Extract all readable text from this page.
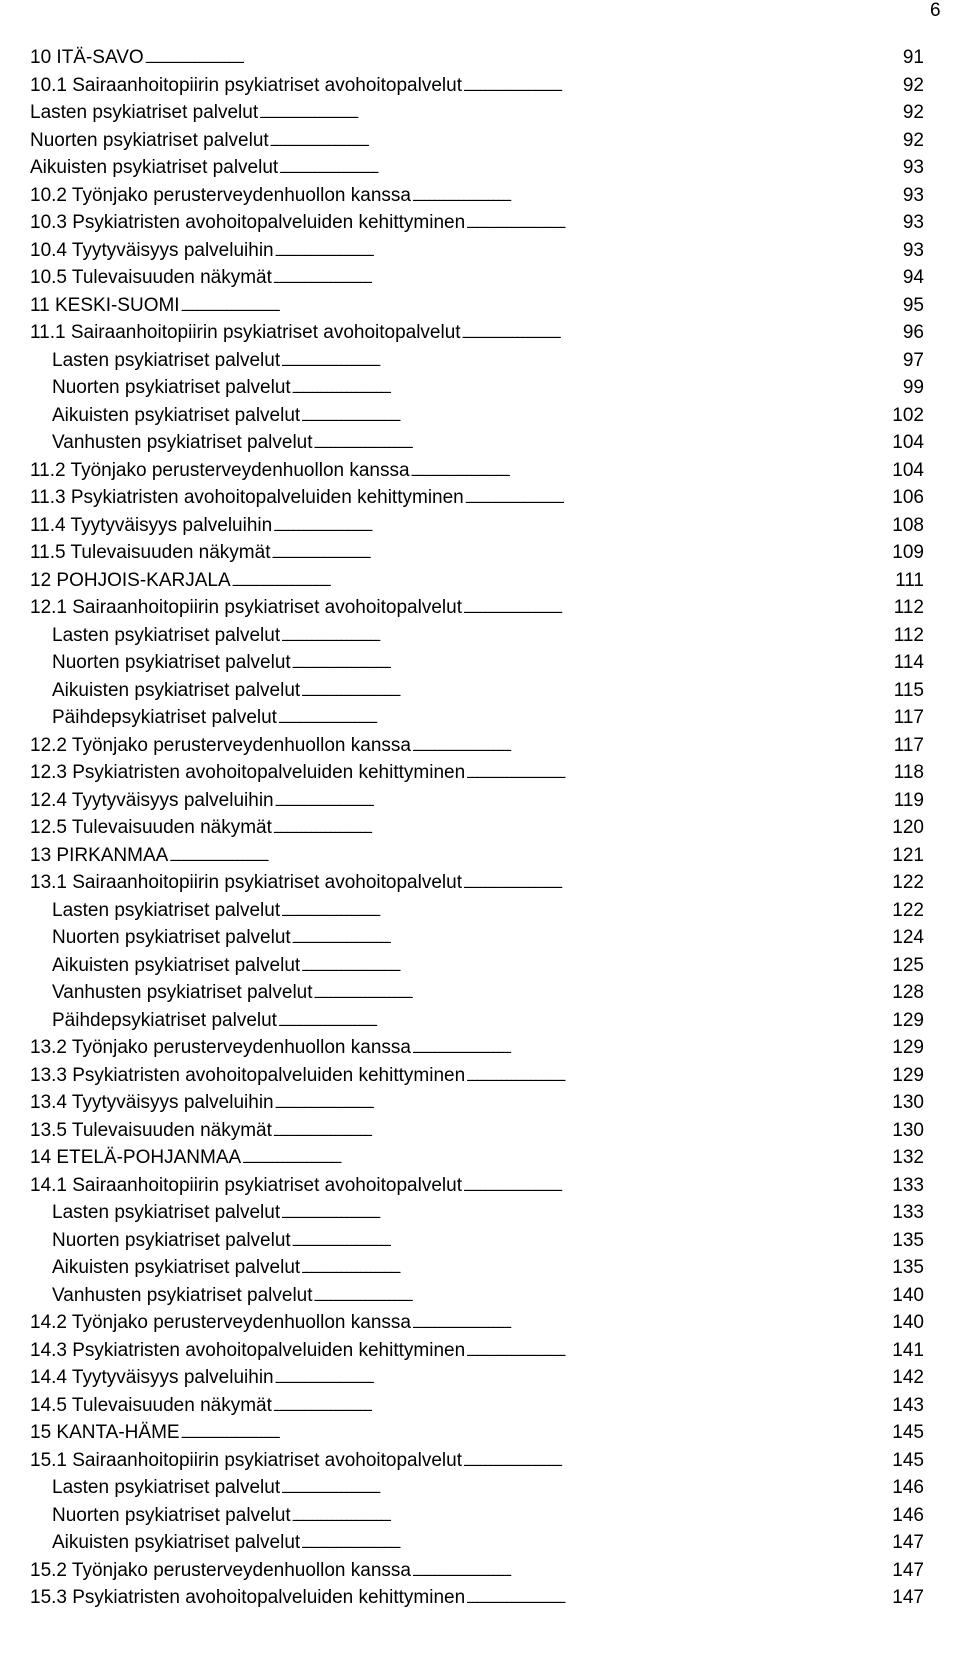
6
10 ITÄ-SAVO . . .	91
10.1 Sairaanhoitopiirin psykiatriset avohoitopalvelut . . .	92
Lasten psykiatriset palvelut . . .	92
Nuorten psykiatriset palvelut . . .	92
Aikuisten psykiatriset palvelut . . .	93
10.2 Työnjako perusterveydenhuollon kanssa . . .	93
10.3 Psykiatristen avohoitopalveluiden kehittyminen . . .	93
10.4 Tyytyväisyys palveluihin . . .	93
10.5 Tulevaisuuden näkymät . . .	94
11 KESKI-SUOMI . . .	95
11.1 Sairaanhoitopiirin psykiatriset avohoitopalvelut . . .	96
Lasten psykiatriset palvelut . . .	97
Nuorten psykiatriset palvelut . . .	99
Aikuisten psykiatriset palvelut . . .	102
Vanhusten psykiatriset palvelut . . .	104
11.2 Työnjako perusterveydenhuollon kanssa . . .	104
11.3 Psykiatristen avohoitopalveluiden kehittyminen . . .	106
11.4 Tyytyväisyys palveluihin . . .	108
11.5 Tulevaisuuden näkymät . . .	109
12 POHJOIS-KARJALA . . .	111
12.1 Sairaanhoitopiirin psykiatriset avohoitopalvelut . . .	112
Lasten psykiatriset palvelut . . .	112
Nuorten psykiatriset palvelut . . .	114
Aikuisten psykiatriset palvelut . . .	115
Päihdepsykiatriset palvelut . . .	117
12.2 Työnjako perusterveydenhuollon kanssa . . .	117
12.3 Psykiatristen avohoitopalveluiden kehittyminen . . .	118
12.4 Tyytyväisyys palveluihin . . .	119
12.5 Tulevaisuuden näkymät . . .	120
13 PIRKANMAA . . .	121
13.1 Sairaanhoitopiirin psykiatriset avohoitopalvelut . . .	122
Lasten psykiatriset palvelut . . .	122
Nuorten psykiatriset palvelut . . .	124
Aikuisten psykiatriset palvelut . . .	125
Vanhusten psykiatriset palvelut . . .	128
Päihdepsykiatriset palvelut . . .	129
13.2 Työnjako perusterveydenhuollon kanssa . . .	129
13.3 Psykiatristen avohoitopalveluiden kehittyminen . . .	129
13.4 Tyytyväisyys palveluihin . . .	130
13.5 Tulevaisuuden näkymät . . .	130
14 ETELÄ-POHJANMAA . . .	132
14.1 Sairaanhoitopiirin psykiatriset avohoitopalvelut . . .	133
Lasten psykiatriset palvelut . . .	133
Nuorten psykiatriset palvelut . . .	135
Aikuisten psykiatriset palvelut . . .	135
Vanhusten psykiatriset palvelut . . .	140
14.2 Työnjako perusterveydenhuollon kanssa . . .	140
14.3 Psykiatristen avohoitopalveluiden kehittyminen . . .	141
14.4 Tyytyväisyys palveluihin . . .	142
14.5 Tulevaisuuden näkymät . . .	143
15 KANTA-HÄME . . .	145
15.1 Sairaanhoitopiirin psykiatriset avohoitopalvelut . . .	145
Lasten psykiatriset palvelut . . .	146
Nuorten psykiatriset palvelut . . .	146
Aikuisten psykiatriset palvelut . . .	147
15.2 Työnjako perusterveydenhuollon kanssa . . .	147
15.3 Psykiatristen avohoitopalveluiden kehittyminen . . .	147
